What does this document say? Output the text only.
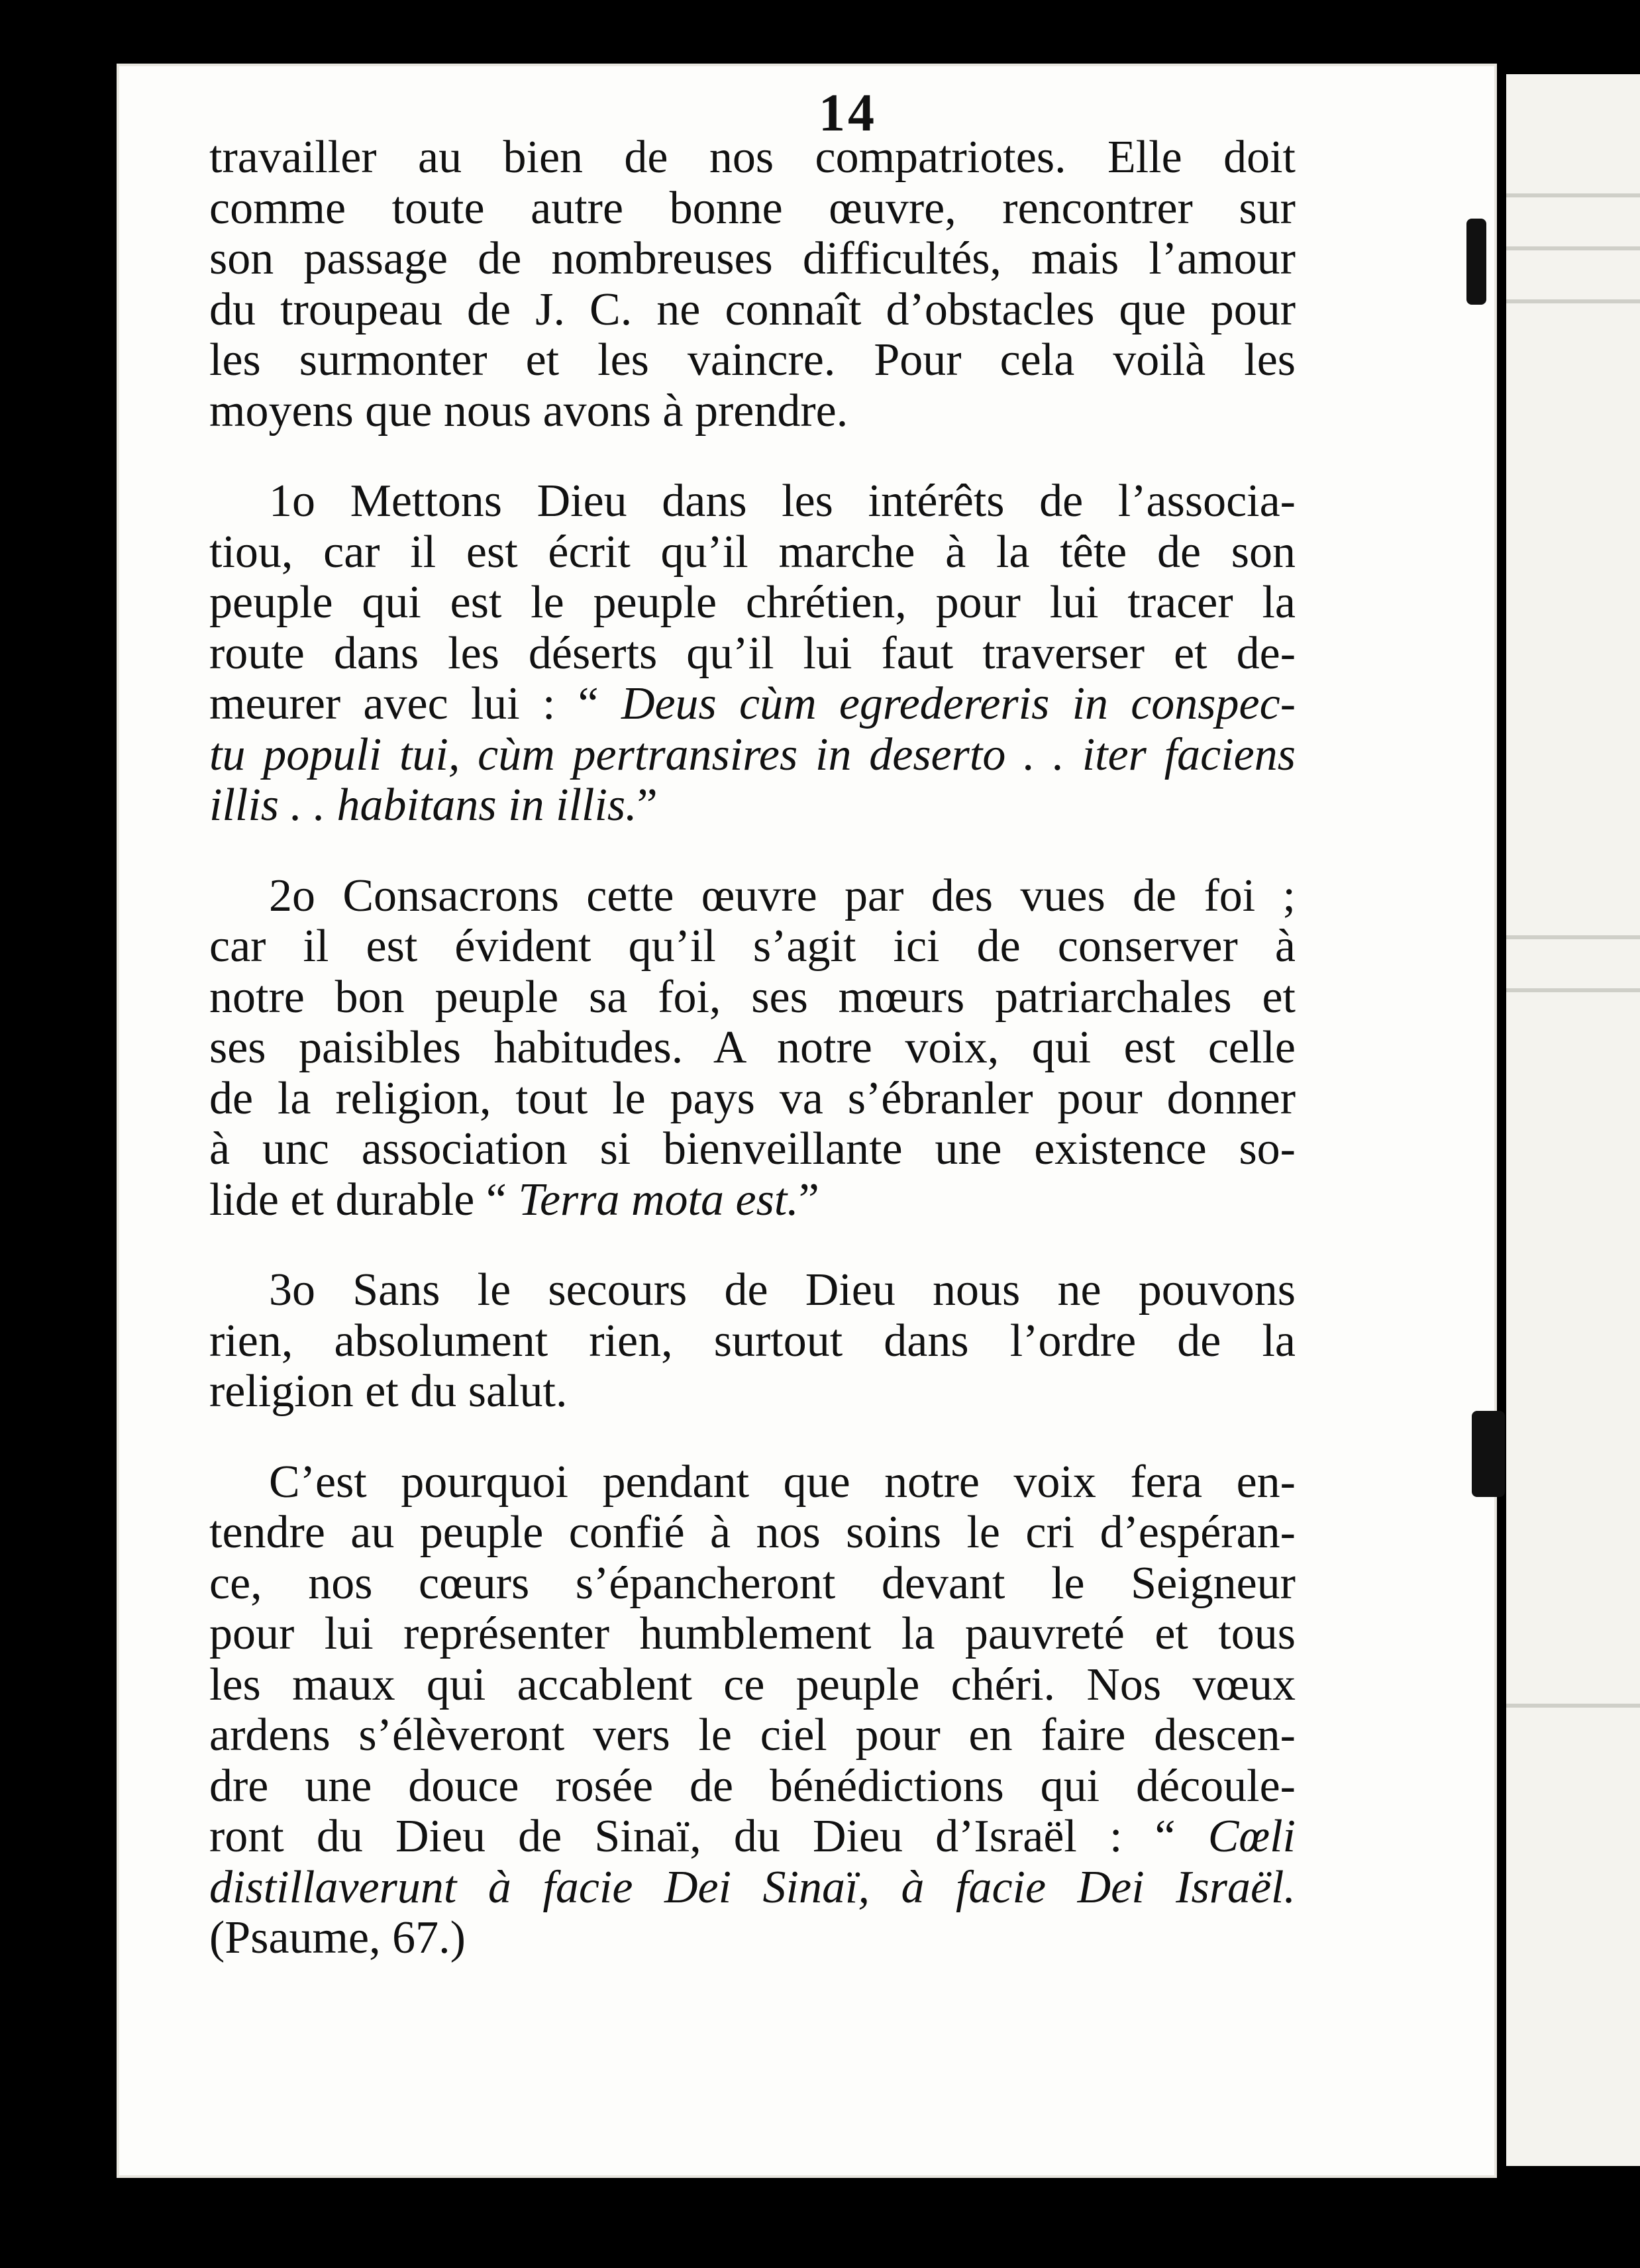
14

travailler au bien de nos compatriotes. Elle doit
comme toute autre bonne œuvre, rencontrer sur
son passage de nombreuses difficultés, mais l’amour
du troupeau de J. C. ne connaît d’obstacles que pour
les surmonter et les vaincre. Pour cela voilà les
moyens que nous avons à prendre.

1o Mettons Dieu dans les intérêts de l’associa-
tiou, car il est écrit qu’il marche à la tête de son
peuple qui est le peuple chrétien, pour lui tracer la
route dans les déserts qu’il lui faut traverser et de-
meurer avec lui : “ Deus cùm egredereris in conspec-
tu populi tui, cùm pertransires in deserto . . iter faciens
illis . . habitans in illis.”

2o Consacrons cette œuvre par des vues de foi ;
car il est évident qu’il s’agit ici de conserver à
notre bon peuple sa foi, ses mœurs patriarchales et
ses paisibles habitudes. A notre voix, qui est celle
de la religion, tout le pays va s’ébranler pour donner
à unc association si bienveillante une existence so-
lide et durable “ Terra mota est.”

3o Sans le secours de Dieu nous ne pouvons
rien, absolument rien, surtout dans l’ordre de la
religion et du salut.

C’est pourquoi pendant que notre voix fera en-
tendre au peuple confié à nos soins le cri d’espéran-
ce, nos cœurs s’épancheront devant le Seigneur
pour lui représenter humblement la pauvreté et tous
les maux qui accablent ce peuple chéri. Nos vœux
ardens s’élèveront vers le ciel pour en faire descen-
dre une douce rosée de bénédictions qui découle-
ront du Dieu de Sinaï, du Dieu d’Israël : “ Cœli
distillaverunt à facie Dei Sinaï, à facie Dei Israël.
(Psaume, 67.)
